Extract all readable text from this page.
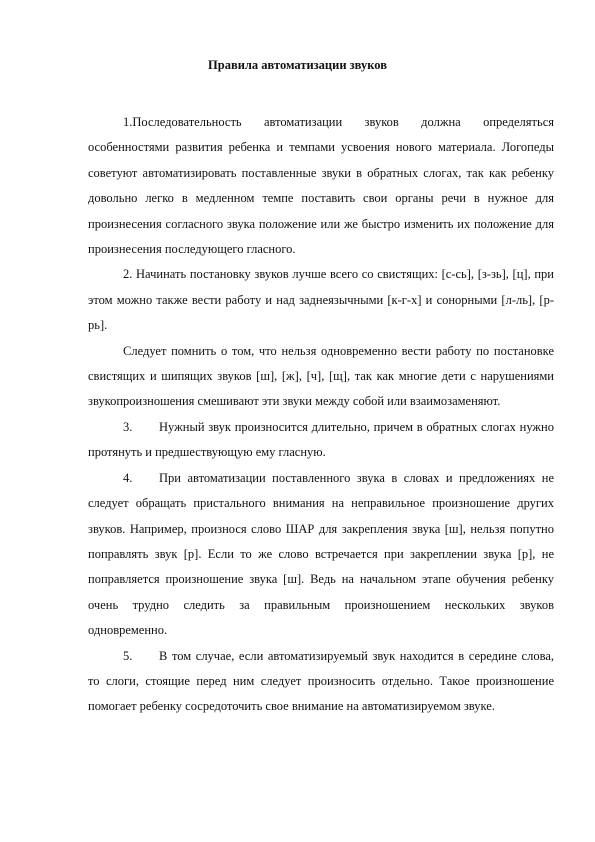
Правила автоматизации звуков

1.Последовательность автоматизации звуков должна определяться особенностями развития ребенка и темпами усвоения нового материала. Логопеды советуют автоматизировать поставленные звуки в обратных слогах, так как ребенку довольно легко в медленном темпе поставить свои органы речи в нужное для произнесения согласного звука положение или же быстро изменить их положение для произнесения последующего гласного.

2. Начинать постановку звуков лучше всего со свистящих: [с-сь], [з-зь], [ц], при этом можно также вести работу и над заднеязычными [к-г-х] и сонорными [л-ль], [р-рь].

Следует помнить о том, что нельзя одновременно вести работу по постановке свистящих и шипящих звуков [ш], [ж], [ч], [щ], так как многие дети с нарушениями звукопроизношения смешивают эти звуки между собой или взаимозаменяют.

3. Нужный звук произносится длительно, причем в обратных слогах нужно протянуть и предшествующую ему гласную.

4. При автоматизации поставленного звука в словах и предложениях не следует обращать пристального внимания на неправильное произношение других звуков. Например, произнося слово ШАР для закрепления звука [ш], нельзя попутно поправлять звук [р]. Если то же слово встречается при закреплении звука [р], не поправляется произношение звука [ш]. Ведь на начальном этапе обучения ребенку очень трудно следить за правильным произношением нескольких звуков одновременно.

5. В том случае, если автоматизируемый звук находится в середине слова, то слоги, стоящие перед ним следует произносить отдельно. Такое произношение помогает ребенку сосредоточить свое внимание на автоматизируемом звуке.
